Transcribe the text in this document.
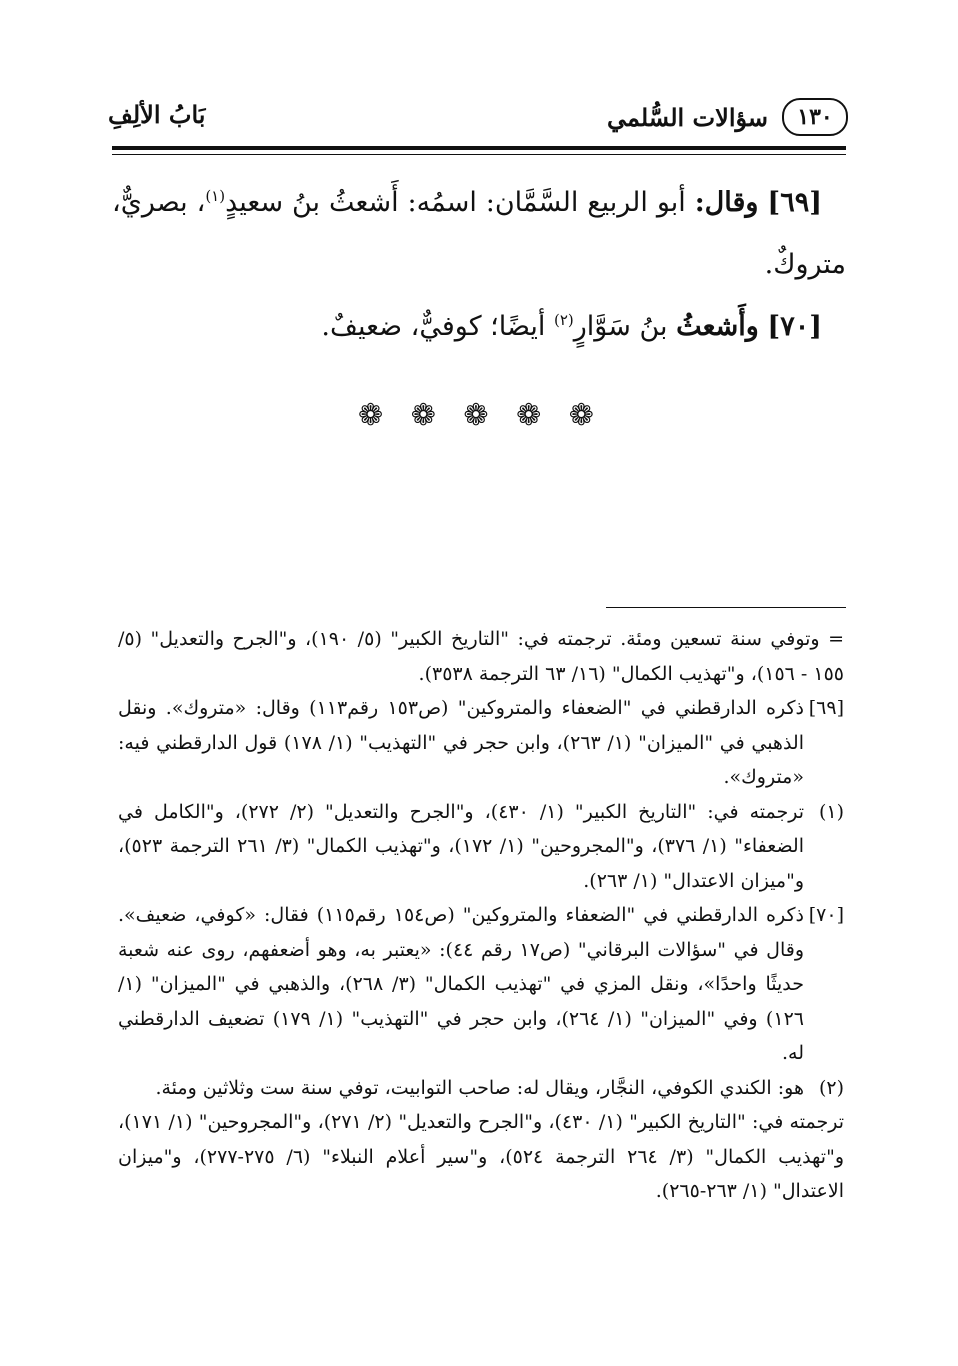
١٣٠
سؤالات السُّلمي
بَابُ الألِفِ

[٦٩] وقال: أبو الربيع السَّمَّان: اسمُه: أَشعثُ بنُ سعيدٍ$^{(١)}$، بصريٌّ، متروكٌ.

[٧٠] وأَشعثُ بنُ سَوَّارٍ$^{(٢)}$ أيضًا؛ كوفيٌّ، ضعيفٌ.

❁ ❁ ❁ ❁ ❁

= وتوفي سنة تسعين ومئة. ترجمته في: "التاريخ الكبير" (٥/ ١٩٠)، و"الجرح والتعديل" (٥/ ١٥٥ - ١٥٦)، و"تهذيب الكمال" (١٦/ ٦٣ الترجمة ٣٥٣٨).

[٦٩]
ذكره الدارقطني في "الضعفاء والمتروكين" (ص١٥٣ رقم١١٣) وقال: «متروك». ونقل الذهبي في "الميزان" (١/ ٢٦٣)، وابن حجر في "التهذيب" (١/ ١٧٨) قول الدارقطني فيه: «متروك».

(١)
ترجمته في: "التاريخ الكبير" (١/ ٤٣٠)، و"الجرح والتعديل" (٢/ ٢٧٢)، و"الكامل في الضعفاء" (١/ ٣٧٦)، و"المجروحين" (١/ ١٧٢)، و"تهذيب الكمال" (٣/ ٢٦١ الترجمة ٥٢٣)، و"ميزان الاعتدال" (١/ ٢٦٣).

[٧٠]
ذكره الدارقطني في "الضعفاء والمتروكين" (ص١٥٤ رقم١١٥) فقال: «كوفي، ضعيف». وقال في "سؤالات البرقاني" (ص١٧ رقم ٤٤): «يعتبر به، وهو أضعفهم، روى عنه شعبة حديثًا واحدًا»، ونقل المزي في "تهذيب الكمال" (٣/ ٢٦٨)، والذهبي في "الميزان" (١/ ١٢٦) وفي "الميزان" (١/ ٢٦٤)، وابن حجر في "التهذيب" (١/ ١٧٩) تضعيف الدارقطني له.

(٢)
هو: الكندي الكوفي، النجَّار، ويقال له: صاحب التوابيت، توفي سنة ست وثلاثين ومئة.

ترجمته في: "التاريخ الكبير" (١/ ٤٣٠)، و"الجرح والتعديل" (٢/ ٢٧١)، و"المجروحين" (١/ ١٧١)، و"تهذيب الكمال" (٣/ ٢٦٤ الترجمة ٥٢٤)، و"سير أعلام النبلاء" (٦/ ٢٧٥-٢٧٧)، و"ميزان الاعتدال" (١/ ٢٦٣-٢٦٥).
